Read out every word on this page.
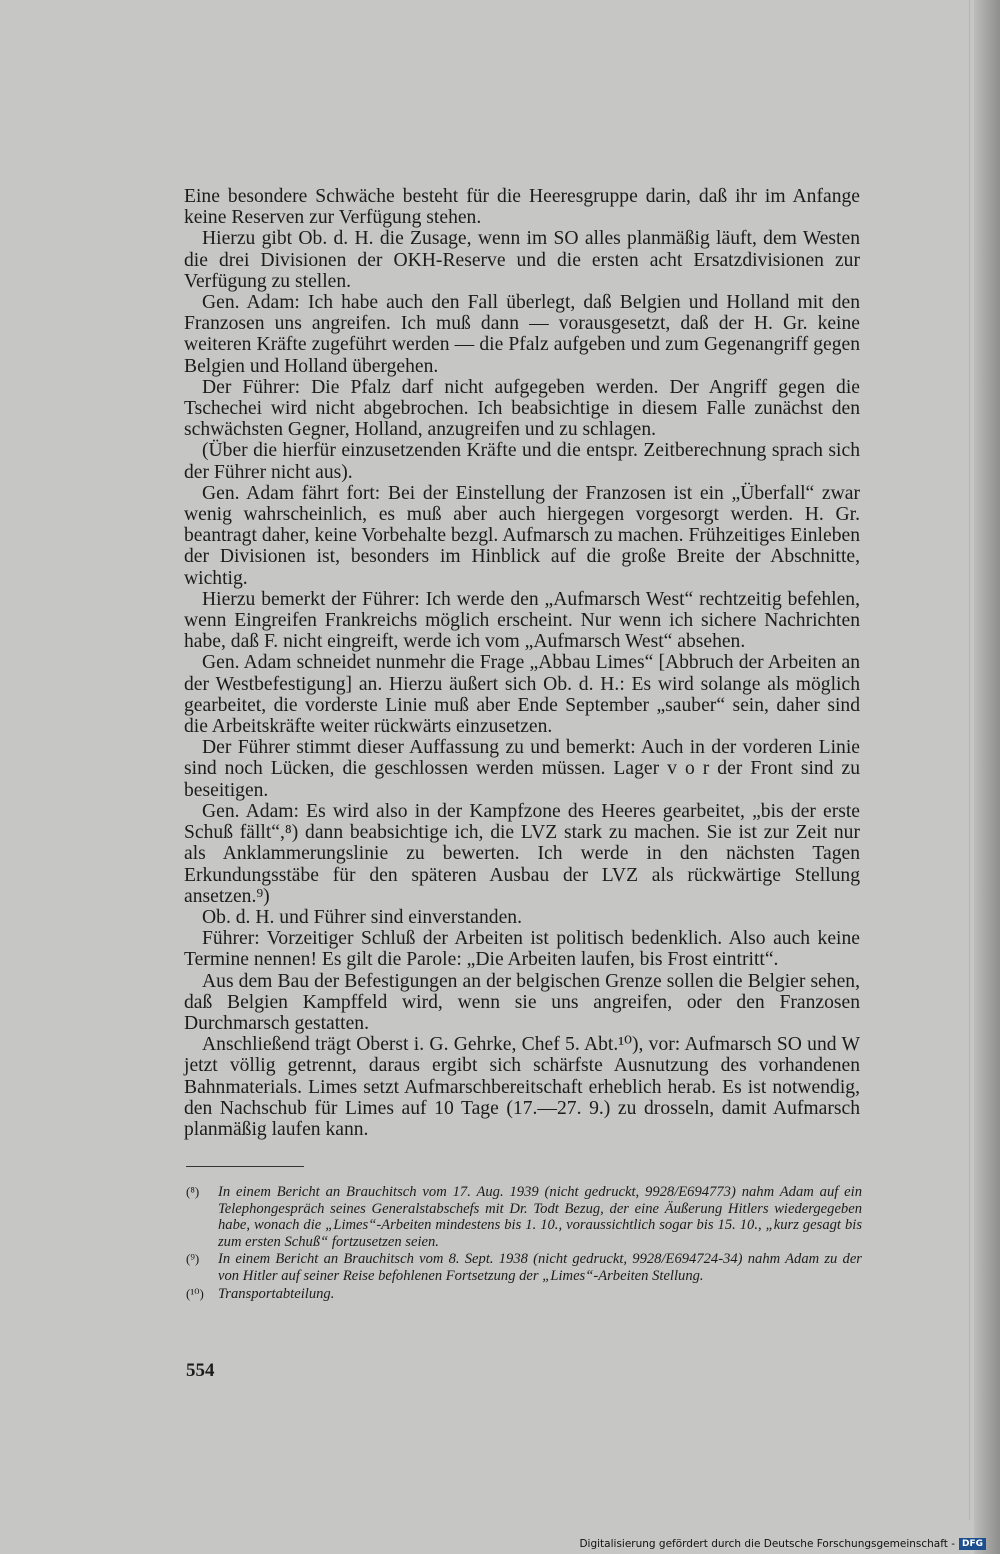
Eine besondere Schwäche besteht für die Heeresgruppe darin, daß ihr im Anfange keine Reserven zur Verfügung stehen.

Hierzu gibt Ob. d. H. die Zusage, wenn im SO alles planmäßig läuft, dem Westen die drei Divisionen der OKH-Reserve und die ersten acht Ersatzdivisionen zur Verfügung zu stellen.

Gen. Adam: Ich habe auch den Fall überlegt, daß Belgien und Holland mit den Franzosen uns angreifen. Ich muß dann — vorausgesetzt, daß der H. Gr. keine weiteren Kräfte zugeführt werden — die Pfalz aufgeben und zum Gegenangriff gegen Belgien und Holland übergehen.

Der Führer: Die Pfalz darf nicht aufgegeben werden. Der Angriff gegen die Tschechei wird nicht abgebrochen. Ich beabsichtige in diesem Falle zunächst den schwächsten Gegner, Holland, anzugreifen und zu schlagen.

(Über die hierfür einzusetzenden Kräfte und die entspr. Zeitberechnung sprach sich der Führer nicht aus).

Gen. Adam fährt fort: Bei der Einstellung der Franzosen ist ein „Überfall“ zwar wenig wahrscheinlich, es muß aber auch hiergegen vorgesorgt werden. H. Gr. beantragt daher, keine Vorbehalte bezgl. Aufmarsch zu machen. Frühzeitiges Einleben der Divisionen ist, besonders im Hinblick auf die große Breite der Abschnitte, wichtig.

Hierzu bemerkt der Führer: Ich werde den „Aufmarsch West“ rechtzeitig befehlen, wenn Eingreifen Frankreichs möglich erscheint. Nur wenn ich sichere Nachrichten habe, daß F. nicht eingreift, werde ich vom „Aufmarsch West“ absehen.

Gen. Adam schneidet nunmehr die Frage „Abbau Limes“ [Abbruch der Arbeiten an der Westbefestigung] an. Hierzu äußert sich Ob. d. H.: Es wird solange als möglich gearbeitet, die vorderste Linie muß aber Ende September „sauber“ sein, daher sind die Arbeitskräfte weiter rückwärts einzusetzen.

Der Führer stimmt dieser Auffassung zu und bemerkt: Auch in der vorderen Linie sind noch Lücken, die geschlossen werden müssen. Lager v o r der Front sind zu beseitigen.

Gen. Adam: Es wird also in der Kampfzone des Heeres gearbeitet, „bis der erste Schuß fällt“,⁸) dann beabsichtige ich, die LVZ stark zu machen. Sie ist zur Zeit nur als Anklammerungslinie zu bewerten. Ich werde in den nächsten Tagen Erkundungsstäbe für den späteren Ausbau der LVZ als rückwärtige Stellung ansetzen.⁹)

Ob. d. H. und Führer sind einverstanden.

Führer: Vorzeitiger Schluß der Arbeiten ist politisch bedenklich. Also auch keine Termine nennen! Es gilt die Parole: „Die Arbeiten laufen, bis Frost eintritt“.

Aus dem Bau der Befestigungen an der belgischen Grenze sollen die Belgier sehen, daß Belgien Kampffeld wird, wenn sie uns angreifen, oder den Franzosen Durchmarsch gestatten.

Anschließend trägt Oberst i. G. Gehrke, Chef 5. Abt.¹⁰), vor: Aufmarsch SO und W jetzt völlig getrennt, daraus ergibt sich schärfste Ausnutzung des vorhandenen Bahnmaterials. Limes setzt Aufmarschbereitschaft erheblich herab. Es ist notwendig, den Nachschub für Limes auf 10 Tage (17.—27. 9.) zu drosseln, damit Aufmarsch planmäßig laufen kann.

(⁸) In einem Bericht an Brauchitsch vom 17. Aug. 1939 (nicht gedruckt, 9928/E694773) nahm Adam auf ein Telephongespräch seines Generalstabschefs mit Dr. Todt Bezug, der eine Äußerung Hitlers wiedergegeben habe, wonach die „Limes“-Arbeiten mindestens bis 1. 10., voraussichtlich sogar bis 15. 10., „kurz gesagt bis zum ersten Schuß“ fortzusetzen seien.
(⁹) In einem Bericht an Brauchitsch vom 8. Sept. 1938 (nicht gedruckt, 9928/E694724-34) nahm Adam zu der von Hitler auf seiner Reise befohlenen Fortsetzung der „Limes“-Arbeiten Stellung.
(¹⁰) Transportabteilung.
554
Digitalisierung gefördert durch die Deutsche Forschungsgemeinschaft - DFG
